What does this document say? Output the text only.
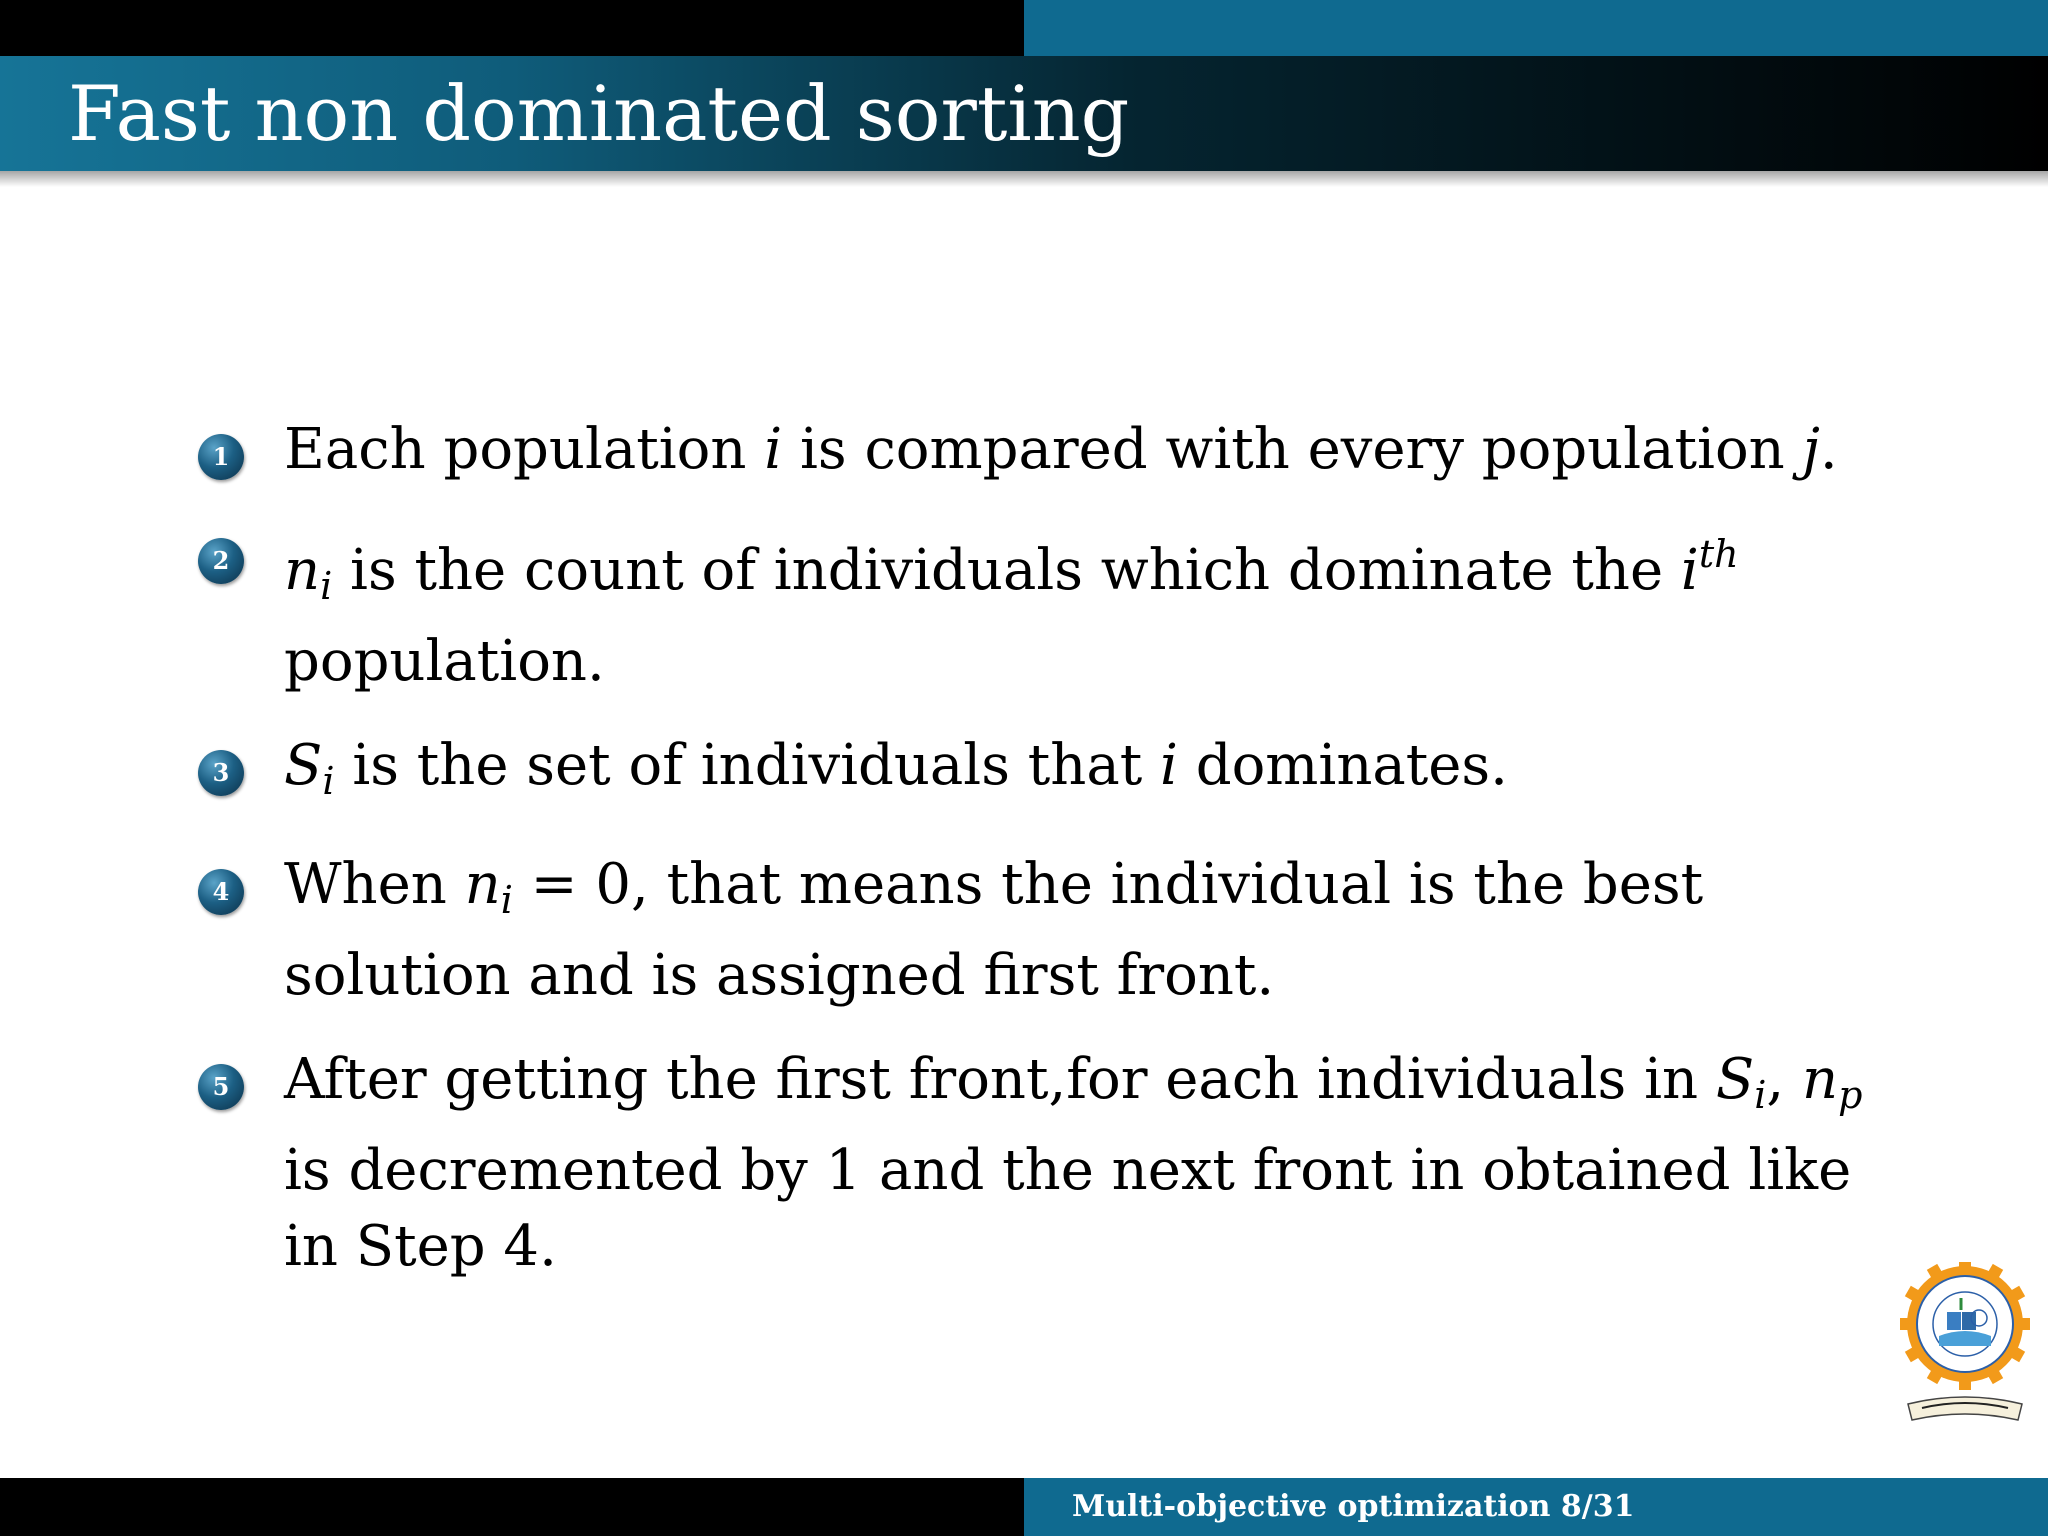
Fast non dominated sorting
1 Each population i is compared with every population j.
2 $n_i$ is the count of individuals which dominate the $i^{th}$ population.
3 $S_i$ is the set of individuals that i dominates.
4 When $n_i = 0$, that means the individual is the best solution and is assigned first front.
5 After getting the first front,for each individuals in $S_i$, $n_p$ is decremented by 1 and the next front in obtained like in Step 4.
Multi-objective optimization 8/31
